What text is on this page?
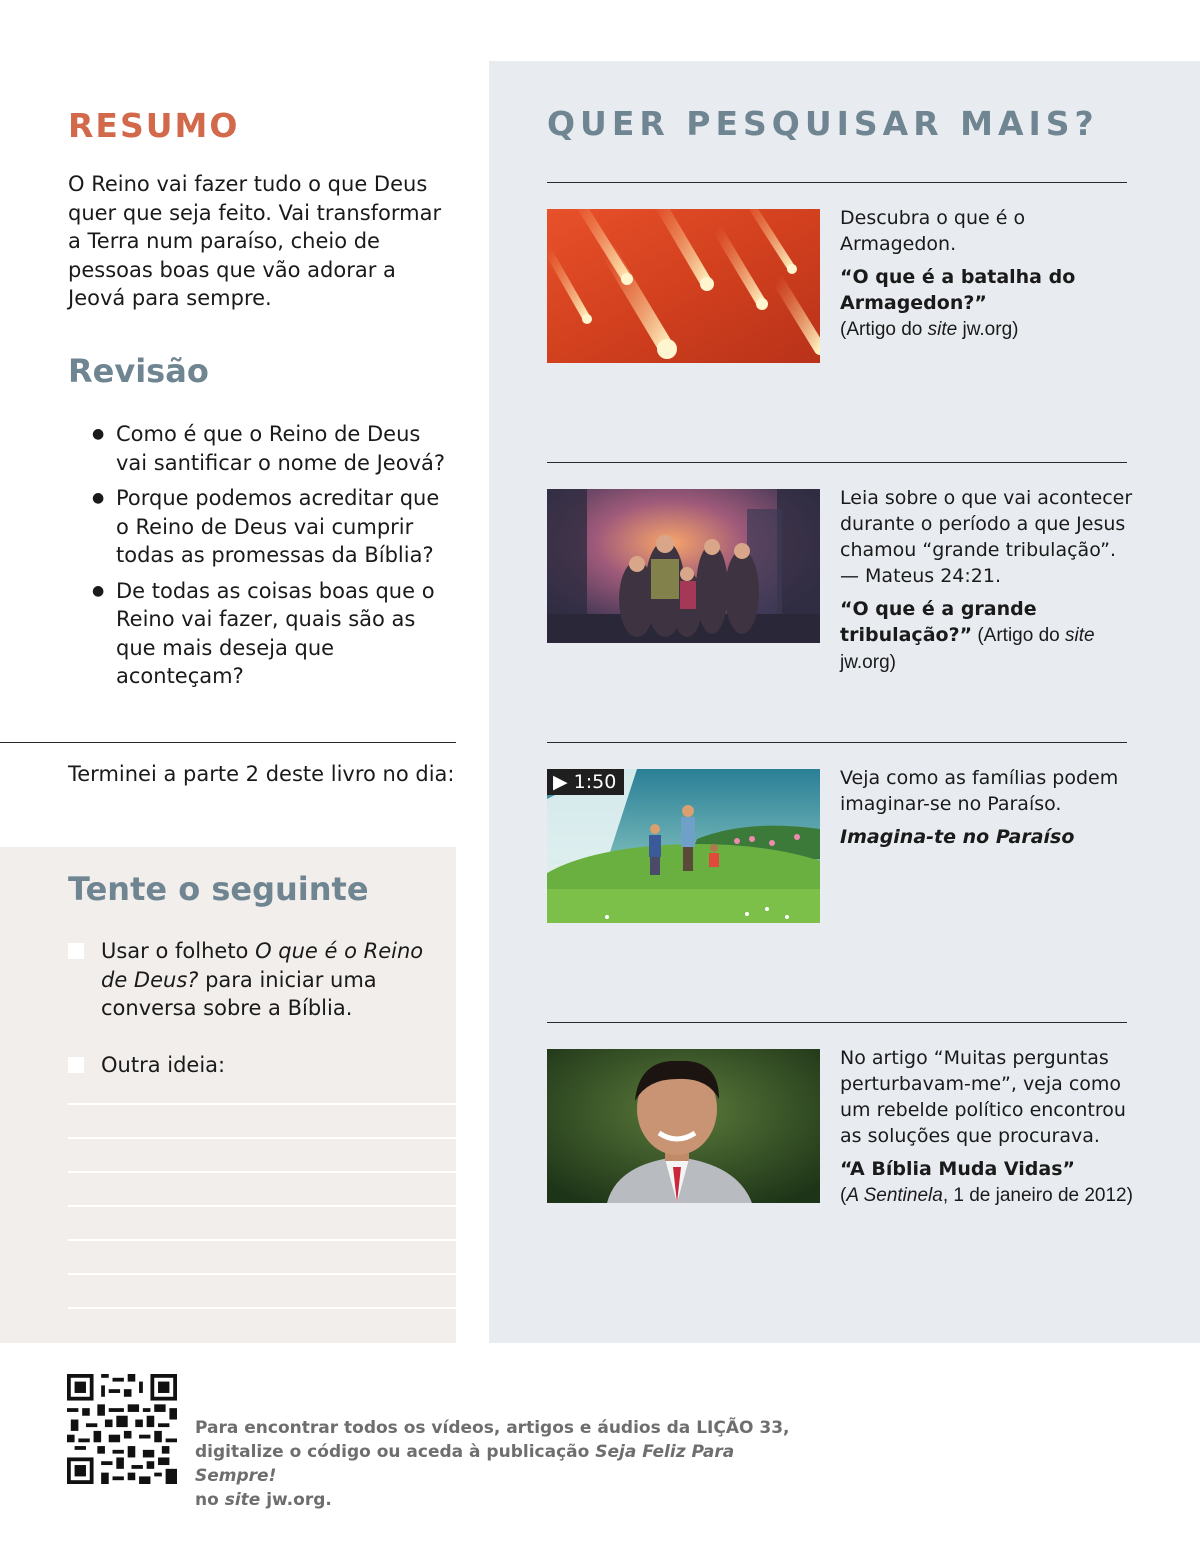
QUER PESQUISAR MAIS?
Descubra o que é o Armagedon.
“O que é a batalha do Armagedon?”
(Artigo do site jw.org)
Leia sobre o que vai acontecer durante o período a que Jesus chamou “grande tribulação”. — Mateus 24:21.
“O que é a grande tribulação?” (Artigo do site jw.org)
▶ 1:50	Veja como as famílias podem imaginar-se no Paraíso.
Imagina-te no Paraíso
No artigo “Muitas perguntas perturbavam-me”, veja como um rebelde político encontrou as soluções que procurava.
“A Bíblia Muda Vidas”
(A Sentinela, 1 de janeiro de 2012)
RESUMO
O Reino vai fazer tudo o que Deus quer que seja feito. Vai transformar a Terra num paraíso, cheio de pessoas boas que vão adorar a Jeová para sempre.
Revisão
● Como é que o Reino de Deus vai santificar o nome de Jeová?
● Porque podemos acreditar que o Reino de Deus vai cumprir todas as promessas da Bíblia?
● De todas as coisas boas que o Reino vai fazer, quais são as que mais deseja que aconteçam?
Terminei a parte 2 deste livro no dia:
Tente o seguinte
Usar o folheto O que é o Reino de Deus? para iniciar uma conversa sobre a Bíblia.
Outra ideia:
Para encontrar todos os vídeos, artigos e áudios da LIÇÃO 33, digitalize o código ou aceda à publicação Seja Feliz Para Sempre!
no site jw.org.
